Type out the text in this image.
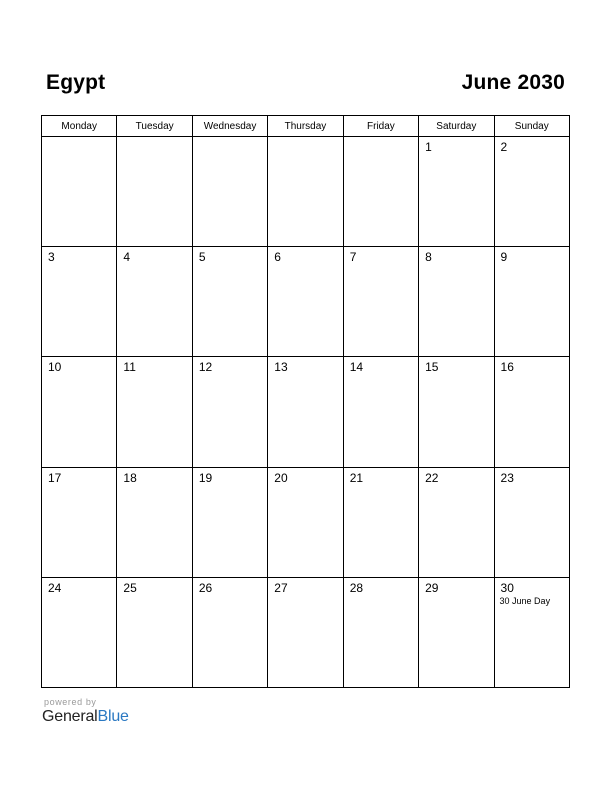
Egypt	June 2030
Monday	Tuesday	Wednesday	Thursday	Friday	Saturday	Sunday

					1	2

3	4	5	6	7	8	9

10	11	12	13	14	15	16

17	18	19	20	21	22	23

24	25	26	27	28	29	30
30 June Day
powered by
GeneralBlue
